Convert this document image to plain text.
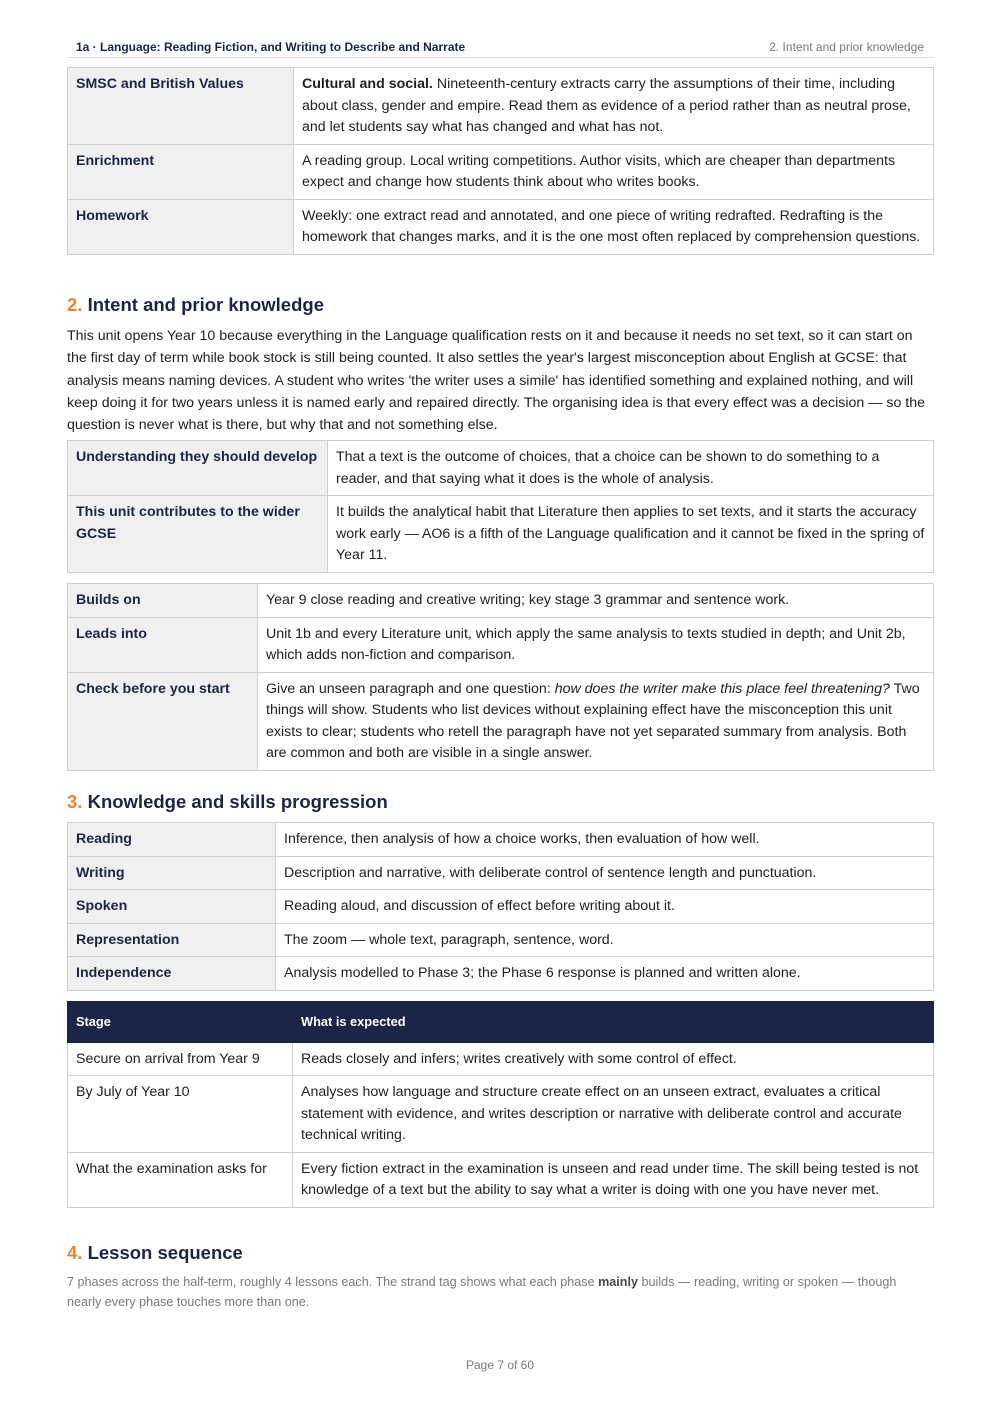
1a · Language: Reading Fiction, and Writing to Describe and Narrate	2. Intent and prior knowledge
SMSC and British Values	Cultural and social. Nineteenth-century extracts carry the assumptions of their time, including about class, gender and empire. Read them as evidence of a period rather than as neutral prose, and let students say what has changed and what has not.
Enrichment	A reading group. Local writing competitions. Author visits, which are cheaper than departments expect and change how students think about who writes books.
Homework	Weekly: one extract read and annotated, and one piece of writing redrafted. Redrafting is the homework that changes marks, and it is the one most often replaced by comprehension questions.
2. Intent and prior knowledge

This unit opens Year 10 because everything in the Language qualification rests on it and because it needs no set text, so it can start on the first day of term while book stock is still being counted. It also settles the year's largest misconception about English at GCSE: that analysis means naming devices. A student who writes 'the writer uses a simile' has identified something and explained nothing, and will keep doing it for two years unless it is named early and repaired directly. The organising idea is that every effect was a decision — so the question is never what is there, but why that and not something else.

Understanding they should develop	That a text is the outcome of choices, that a choice can be shown to do something to a reader, and that saying what it does is the whole of analysis.
This unit contributes to the wider GCSE	It builds the analytical habit that Literature then applies to set texts, and it starts the accuracy work early — AO6 is a fifth of the Language qualification and it cannot be fixed in the spring of Year 11.
Builds on	Year 9 close reading and creative writing; key stage 3 grammar and sentence work.
Leads into	Unit 1b and every Literature unit, which apply the same analysis to texts studied in depth; and Unit 2b, which adds non-fiction and comparison.
Check before you start	Give an unseen paragraph and one question: how does the writer make this place feel threatening? Two things will show. Students who list devices without explaining effect have the misconception this unit exists to clear; students who retell the paragraph have not yet separated summary from analysis. Both are common and both are visible in a single answer.
3. Knowledge and skills progression
Reading	Inference, then analysis of how a choice works, then evaluation of how well.
Writing	Description and narrative, with deliberate control of sentence length and punctuation.
Spoken	Reading aloud, and discussion of effect before writing about it.
Representation	The zoom — whole text, paragraph, sentence, word.
Independence	Analysis modelled to Phase 3; the Phase 6 response is planned and written alone.
Stage	What is expected
Secure on arrival from Year 9	Reads closely and infers; writes creatively with some control of effect.
By July of Year 10	Analyses how language and structure create effect on an unseen extract, evaluates a critical statement with evidence, and writes description or narrative with deliberate control and accurate technical writing.
What the examination asks for	Every fiction extract in the examination is unseen and read under time. The skill being tested is not knowledge of a text but the ability to say what a writer is doing with one you have never met.
4. Lesson sequence

7 phases across the half-term, roughly 4 lessons each. The strand tag shows what each phase mainly builds — reading, writing or spoken — though nearly every phase touches more than one.

Page 7 of 60
